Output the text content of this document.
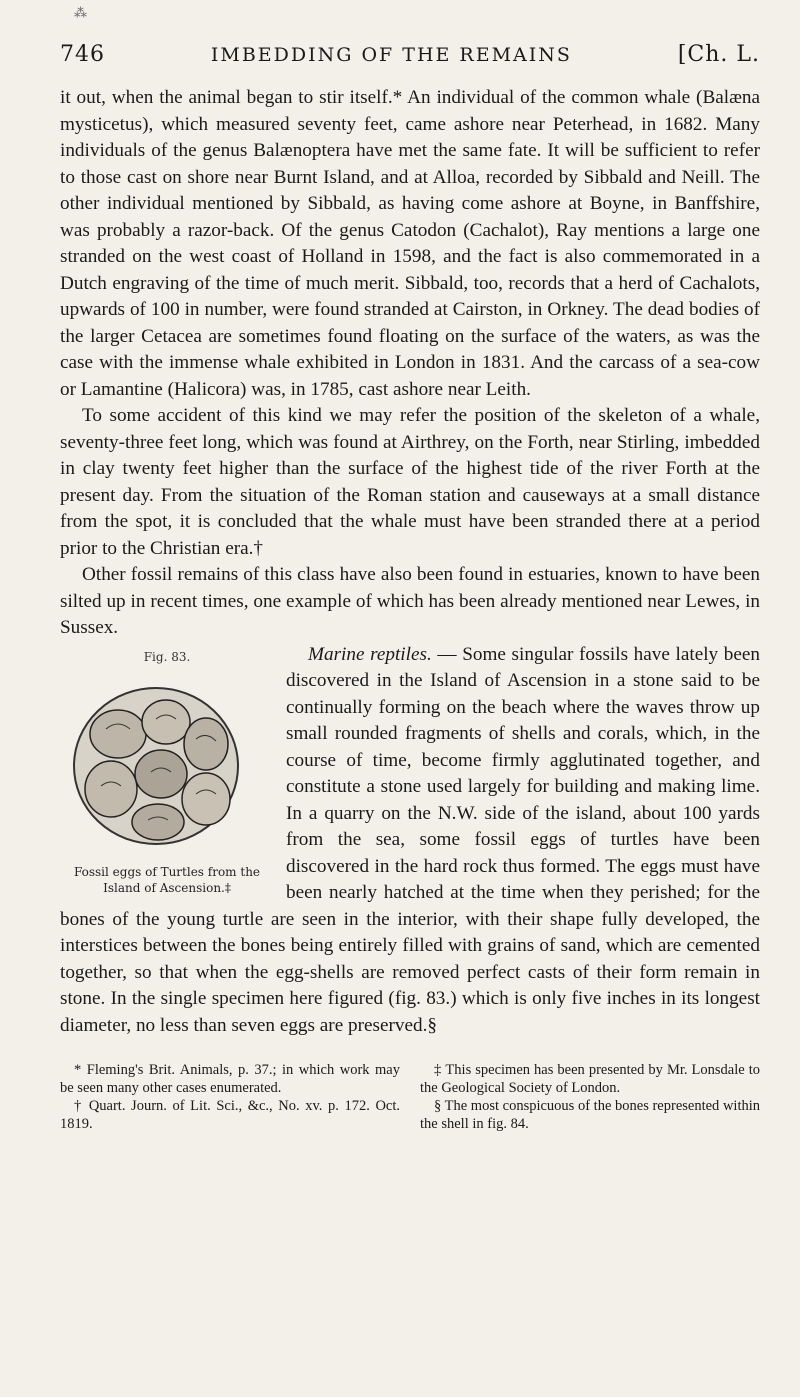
⁂
746	IMBEDDING OF THE REMAINS	[Ch. L.

it out, when the animal began to stir itself.* An individual of the common whale (Balæna mysticetus), which measured seventy feet, came ashore near Peterhead, in 1682. Many individuals of the genus Balænoptera have met the same fate. It will be sufficient to refer to those cast on shore near Burnt Island, and at Alloa, recorded by Sibbald and Neill. The other individual mentioned by Sibbald, as having come ashore at Boyne, in Banffshire, was probably a razor-back. Of the genus Catodon (Cachalot), Ray mentions a large one stranded on the west coast of Holland in 1598, and the fact is also commemorated in a Dutch engraving of the time of much merit. Sibbald, too, records that a herd of Cachalots, upwards of 100 in number, were found stranded at Cairston, in Orkney. The dead bodies of the larger Cetacea are sometimes found floating on the surface of the waters, as was the case with the immense whale exhibited in London in 1831. And the carcass of a sea-cow or Lamantine (Halicora) was, in 1785, cast ashore near Leith.

To some accident of this kind we may refer the position of the skeleton of a whale, seventy-three feet long, which was found at Airthrey, on the Forth, near Stirling, imbedded in clay twenty feet higher than the surface of the highest tide of the river Forth at the present day. From the situation of the Roman station and causeways at a small distance from the spot, it is concluded that the whale must have been stranded there at a period prior to the Christian era.†

Other fossil remains of this class have also been found in estuaries, known to have been silted up in recent times, one example of which has been already mentioned near Lewes, in Sussex.

Fig. 83.
Fossil eggs of Turtles from the
Island of Ascension.‡
Marine reptiles. — Some singular fossils have lately been discovered in the Island of Ascension in a stone said to be continually forming on the beach where the waves throw up small rounded fragments of shells and corals, which, in the course of time, become firmly agglutinated together, and constitute a stone used largely for building and making lime. In a quarry on the N.W. side of the island, about 100 yards from the sea, some fossil eggs of turtles have been discovered in the hard rock thus formed. The eggs must have been nearly hatched at the time when they perished; for the bones of the young turtle are seen in the interior, with their shape fully developed, the interstices between the bones being entirely filled with grains of sand, which are cemented together, so that when the egg-shells are removed perfect casts of their form remain in stone. In the single specimen here figured (fig. 83.) which is only five inches in its longest diameter, no less than seven eggs are preserved.§

* Fleming's Brit. Animals, p. 37.; in which work may be seen many other cases enumerated.

† Quart. Journ. of Lit. Sci., &c., No. xv. p. 172. Oct. 1819.

‡ This specimen has been presented by Mr. Lonsdale to the Geological Society of London.

§ The most conspicuous of the bones represented within the shell in fig. 84.
